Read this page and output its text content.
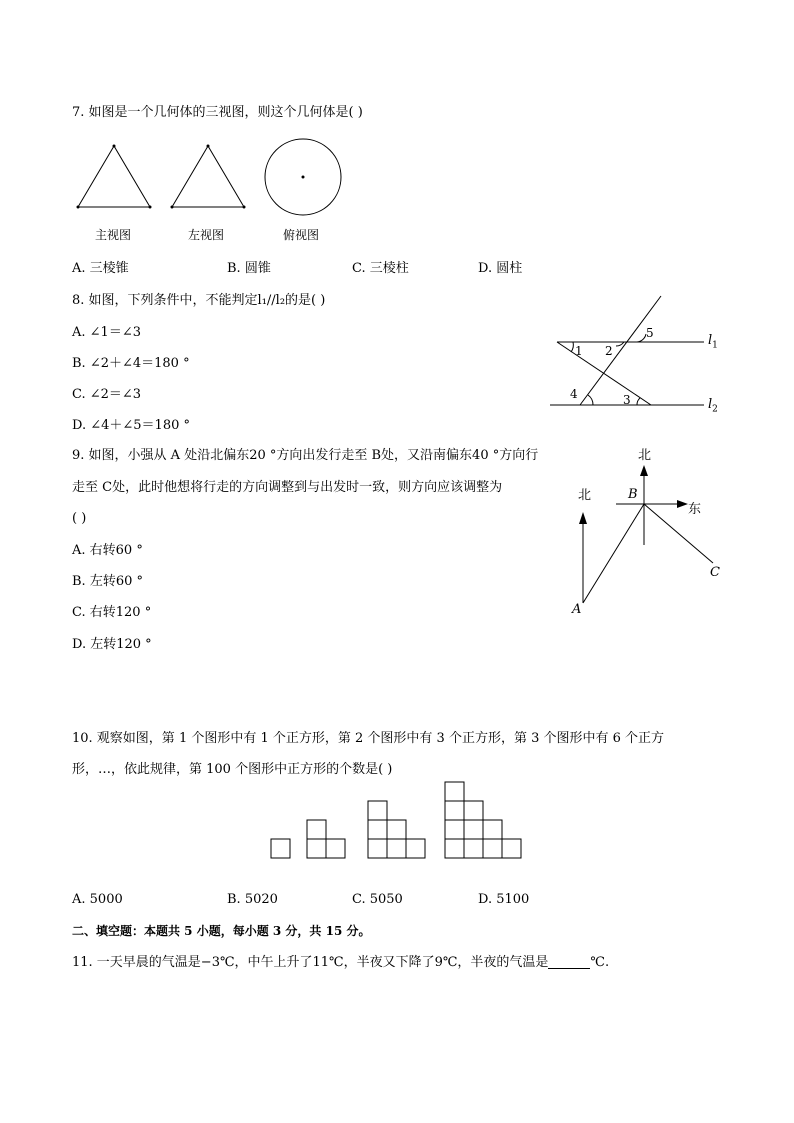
7. 如图是一个几何体的三视图，则这个几何体是( )
主视图	左视图	俯视图
A. 三棱锥	B. 圆锥	C. 三棱柱	D. 圆柱
8. 如图，下列条件中，不能判定l₁//l₂的是( )
A. ∠1＝∠3
B. ∠2＋∠4＝180 °
C. ∠2＝∠3
D. ∠4＋∠5＝180 °
1 2
3
4
5	$l_1$
$l_2$
9. 如图，小强从 A 处沿北偏东20 °方向出发行走至 B处，又沿南偏东40 °方向行
走至 C处，此时他想将行走的方向调整到与出发时一致，则方向应该调整为
( )
A. 右转60 °
B. 左转60 °
C. 右转120 °
D. 左转120 °
北
北
东
B
A
C
10. 观察如图，第 1 个图形中有 1 个正方形，第 2 个图形中有 3 个正方形，第 3 个图形中有 6 个正方
形，…，依此规律，第 100 个图形中正方形的个数是( )
A. 5000	B. 5020	C. 5050	D. 5100
二、填空题：本题共 5 小题，每小题 3 分，共 15 分。
11. 一天早晨的气温是−3℃，中午上升了11℃，半夜又下降了9℃，半夜的气温是	℃.
